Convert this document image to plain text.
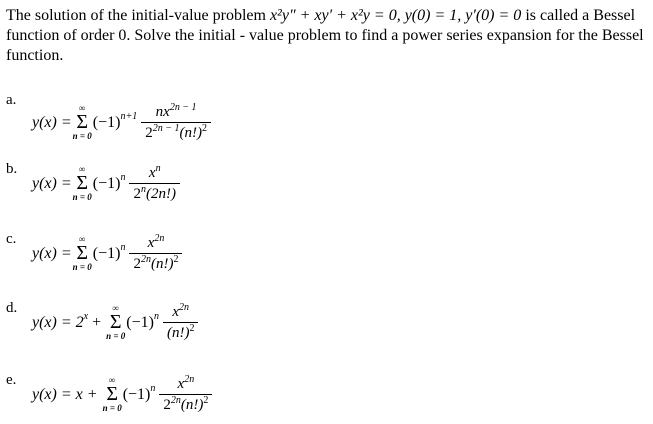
The solution of the initial-value problem x²y″ + xy′ + x²y = 0, y(0) = 1, y′(0) = 0 is called a Bessel function of order 0. Solve the initial - value problem to find a power series expansion for the Bessel function.
a.
y(x) =
∞
Σ
n = 0
(−1) $n+1 \frac{nx^{2n - 1}}{2^{2n - 1}(n!)^2}$
b.
y(x) =
∞
Σ
n = 0
(−1) n $\frac{x^n}{2^n(2n!)}$
c.
y(x) =
∞
Σ
n = 0
(−1) n $\frac{x^{2n}}{2^{2n}(n!)^2}$
d.
y(x) = 2 x +
∞
Σ
n = 0
(−1) n $\frac{x^{2n}}{(n!)^2}$
e.
y(x) = x +
∞
Σ
n = 0
(−1) n $\frac{x^{2n}}{2^{2n}(n!)^2}$
